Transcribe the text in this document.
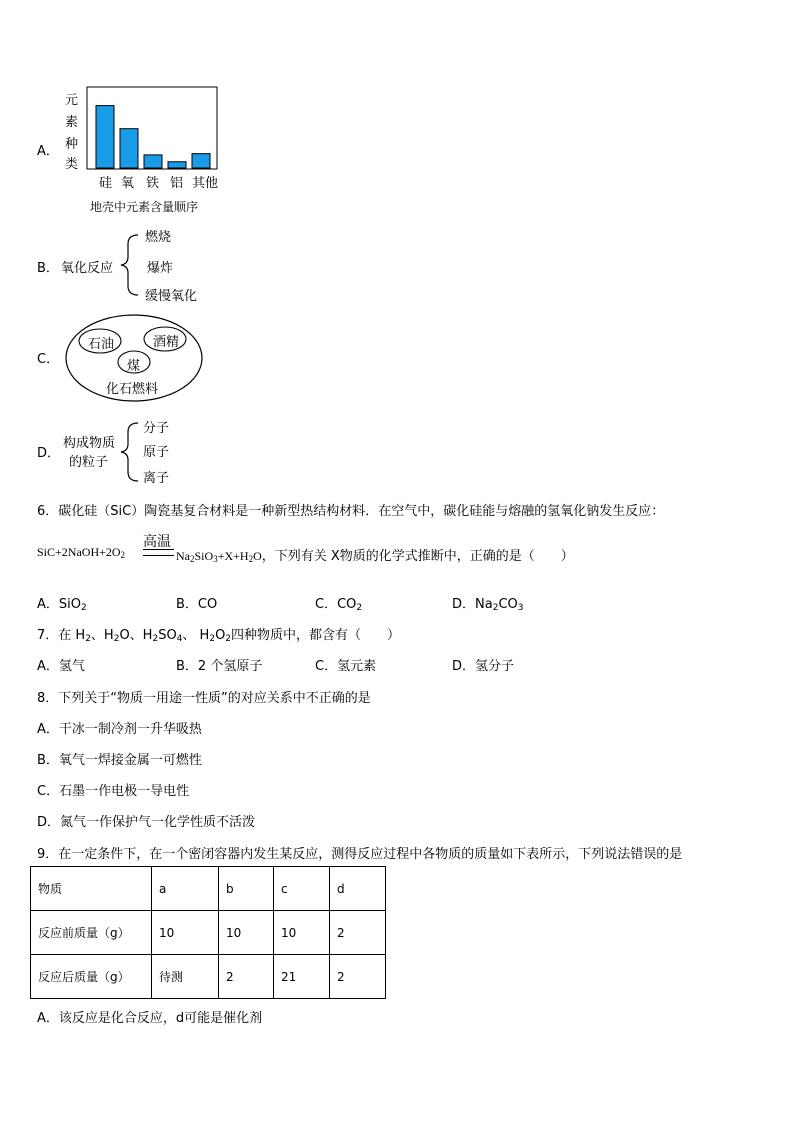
A．
元
素
种
类
硅 氧 铁 铝 其他
地壳中元素含量顺序
B． 氧化反应
燃烧
爆炸
缓慢氧化
C．
石油	酒精
煤
化石燃料
D．
构成物质
的粒子
分子
原子
离子
6．碳化硅（SiC）陶瓷基复合材料是一种新型热结构材料．在空气中，碳化硅能与熔融的氢氧化钠发生反应：
高温
$SiC+2NaOH+2O_2$	$Na_2SiO_3+X+H_2O$，下列有关 X物质的化学式推断中，正确的是（　　）
A．SiO$_2$	B．CO	C．$CO_2$	D．$Na_2CO_3$
7．在 $H_2$、$H_2O$、$H_2SO_4$、 $H_2O_2$四种物质中，都含有（　　）
A．氢气	B．2 个氢原子	C．氢元素	D．氢分子
8．下列关于“物质一用途一性质”的对应关系中不正确的是
A．干冰一制冷剂一升华吸热
B．氧气一焊接金属一可燃性
C．石墨一作电极一导电性
D．氮气一作保护气一化学性质不活泼
9．在一定条件下，在一个密闭容器内发生某反应，测得反应过程中各物质的质量如下表所示，下列说法错误的是
物质	a	b	c	d
反应前质量（g）	10	10	10	2
反应后质量（g）	待测	2	21	2
A．该反应是化合反应，d可能是催化剂
